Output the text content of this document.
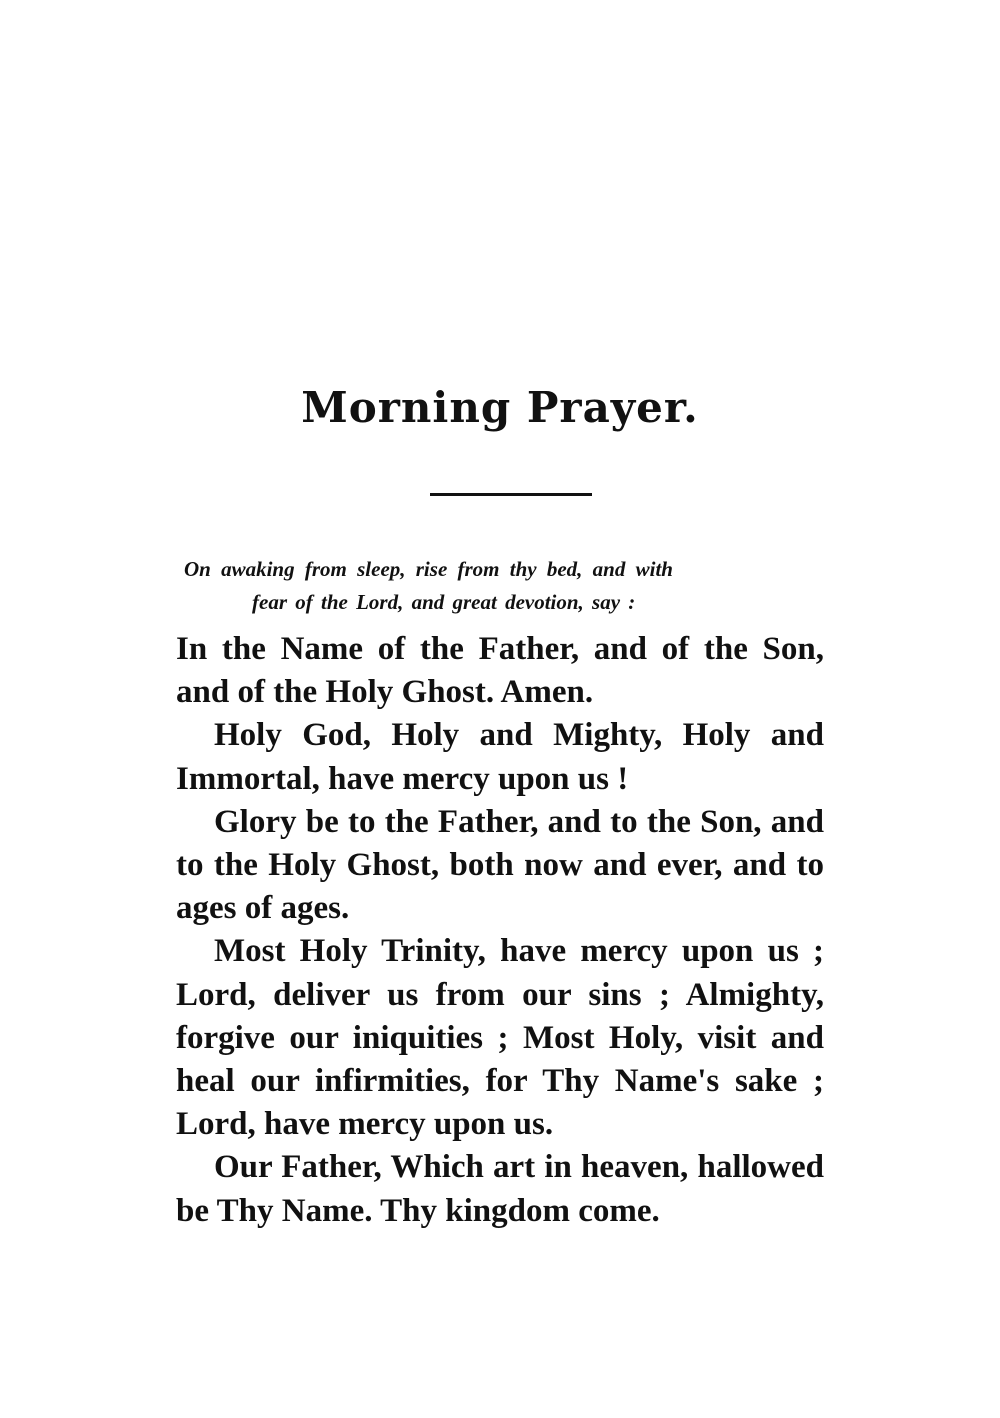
Morning Prayer.

On awaking from sleep, rise from thy bed, and with
fear of the Lord, and great devotion, say :

In the Name of the Father, and of the Son, and of the Holy Ghost. Amen.

Holy God, Holy and Mighty, Holy and Immortal, have mercy upon us !

Glory be to the Father, and to the Son, and to the Holy Ghost, both now and ever, and to ages of ages.

Most Holy Trinity, have mercy upon us ; Lord, deliver us from our sins ; Almighty, forgive our iniquities ; Most Holy, visit and heal our infirmities, for Thy Name's sake ; Lord, have mercy upon us.

Our Father, Which art in heaven, hallowed be Thy Name. Thy kingdom come.
